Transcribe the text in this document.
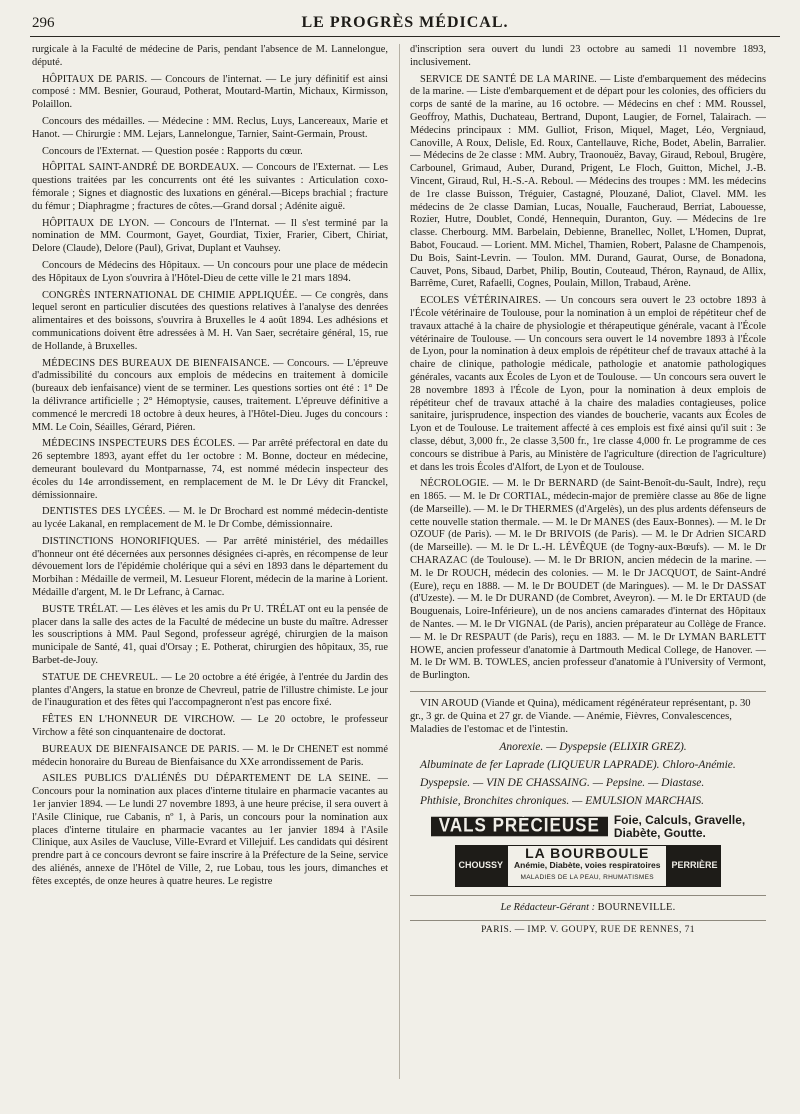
296	LE PROGRÈS MÉDICAL.

rurgicale à la Faculté de médecine de Paris, pendant l'absence de M. Lannelongue, député.

HÔPITAUX DE PARIS. — Concours de l'internat. — Le jury définitif est ainsi composé : MM. Besnier, Gouraud, Potherat, Moutard-Martin, Michaux, Kirmisson, Polaillon.

Concours des médailles. — Médecine : MM. Reclus, Luys, Lancereaux, Marie et Hanot. — Chirurgie : MM. Lejars, Lannelongue, Tarnier, Saint-Germain, Proust.

Concours de l'Externat. — Question posée : Rapports du cœur.

HÔPITAL SAINT-ANDRÉ DE BORDEAUX. — Concours de l'Externat. — Les questions traitées par les concurrents ont été les suivantes : Articulation coxo-fémorale ; Signes et diagnostic des luxations en général.—Biceps brachial ; fracture du fémur ; Diaphragme ; fractures de côtes.—Grand dorsal ; Adénite aiguë.

HÔPITAUX DE LYON. — Concours de l'Internat. — Il s'est terminé par la nomination de MM. Courmont, Gayet, Gourdiat, Tixier, Frarier, Cibert, Chiriat, Delore (Claude), Delore (Paul), Grivat, Duplant et Vauhsey.

Concours de Médecins des Hôpitaux. — Un concours pour une place de médecin des Hôpitaux de Lyon s'ouvrira à l'Hôtel-Dieu de cette ville le 21 mars 1894.

CONGRÈS INTERNATIONAL DE CHIMIE APPLIQUÉE. — Ce congrès, dans lequel seront en particulier discutées des questions relatives à l'analyse des denrées alimentaires et des boissons, s'ouvrira à Bruxelles le 4 août 1894. Les adhésions et communications doivent être adressées à M. H. Van Saer, secrétaire général, 15, rue de Hollande, à Bruxelles.

MÉDECINS DES BUREAUX DE BIENFAISANCE. — Concours. — L'épreuve d'admissibilité du concours aux emplois de médecins en traitement à domicile (bureaux deb ienfaisance) vient de se terminer. Les questions sorties ont été : 1° De la délivrance artificielle ; 2° Hémoptysie, causes, traitement. L'épreuve définitive a commencé le mercredi 18 octobre à deux heures, à l'Hôtel-Dieu. Juges du concours : MM. Le Coin, Séailles, Gérard, Piéren.

MÉDECINS INSPECTEURS DES ÉCOLES. — Par arrêté préfectoral en date du 26 septembre 1893, ayant effet du 1er octobre : M. Bonne, docteur en médecine, demeurant boulevard du Montparnasse, 74, est nommé médecin inspecteur des écoles du 14e arrondissement, en remplacement de M. le Dr Lévy dit Franckel, démissionnaire.

DENTISTES DES LYCÉES. — M. le Dr Brochard est nommé médecin-dentiste au lycée Lakanal, en remplacement de M. le Dr Combe, démissionnaire.

DISTINCTIONS HONORIFIQUES. — Par arrêté ministériel, des médailles d'honneur ont été décernées aux personnes désignées ci-après, en récompense de leur dévouement lors de l'épidémie cholérique qui a sévi en 1893 dans le département du Morbihan : Médaille de vermeil, M. Lesueur Florent, médecin de la marine à Lorient. Médaille d'argent, M. le Dr Lefranc, à Carnac.

BUSTE TRÉLAT. — Les élèves et les amis du Pr U. TRÉLAT ont eu la pensée de placer dans la salle des actes de la Faculté de médecine un buste du maître. Adresser les souscriptions à MM. Paul Segond, professeur agrégé, chirurgien de la maison municipale de Santé, 41, quai d'Orsay ; E. Potherat, chirurgien des hôpitaux, 35, rue Barbet-de-Jouy.

STATUE DE CHEVREUL. — Le 20 octobre a été érigée, à l'entrée du Jardin des plantes d'Angers, la statue en bronze de Chevreul, patrie de l'illustre chimiste. Le jour de l'inauguration et des fêtes qui l'accompagneront n'est pas encore fixé.

FÊTES EN L'HONNEUR DE VIRCHOW. — Le 20 octobre, le professeur Virchow a fêté son cinquantenaire de doctorat.

BUREAUX DE BIENFAISANCE DE PARIS. — M. le Dr CHENET est nommé médecin honoraire du Bureau de Bienfaisance du XXe arrondissement de Paris.

ASILES PUBLICS D'ALIÉNÉS DU DÉPARTEMENT DE LA SEINE. — Concours pour la nomination aux places d'interne titulaire en pharmacie vacantes au 1er janvier 1894. — Le lundi 27 novembre 1893, à une heure précise, il sera ouvert à l'Asile Clinique, rue Cabanis, nº 1, à Paris, un concours pour la nomination aux places d'interne titulaire en pharmacie vacantes au 1er janvier 1894 à l'Asile Clinique, aux Asiles de Vaucluse, Ville-Evrard et Villejuif. Les candidats qui désirent prendre part à ce concours devront se faire inscrire à la Préfecture de la Seine, service des aliénés, annexe de l'Hôtel de Ville, 2, rue Lobau, tous les jours, dimanches et fêtes exceptés, de onze heures à quatre heures. Le registre

d'inscription sera ouvert du lundi 23 octobre au samedi 11 novembre 1893, inclusivement.

SERVICE DE SANTÉ DE LA MARINE. — Liste d'embarquement des médecins de la marine. — Liste d'embarquement et de départ pour les colonies, des officiers du corps de santé de la marine, au 16 octobre. — Médecins en chef : MM. Roussel, Geoffroy, Mathis, Duchateau, Bertrand, Dupont, Laugier, de Fornel, Talairach. — Médecins principaux : MM. Gulliot, Frison, Miquel, Maget, Léo, Vergniaud, Canoville, A Roux, Delisle, Ed. Roux, Cantellauve, Riche, Bodet, Abelin, Barralier. — Médecins de 2e classe : MM. Aubry, Traonouëz, Bavay, Giraud, Reboul, Brugère, Carbounel, Grimaud, Auber, Durand, Prigent, Le Floch, Guitton, Michel, J.-B. Vincent, Giraud, Rul, H.-S.-A. Reboul. — Médecins des troupes : MM. les médecins de 1re classe Buisson, Tréguier, Castagné, Plouzané, Daliot, Clavel. MM. les médecins de 2e classe Damian, Lucas, Noualle, Faucheraud, Berriat, Labouesse, Rozier, Hutre, Doublet, Condé, Hennequin, Duranton, Guy. — Médecins de 1re classe. Cherbourg. MM. Barbelain, Debienne, Branellec, Nollet, L'Homen, Duprat, Babot, Foucaud. — Lorient. MM. Michel, Thamien, Robert, Palasne de Champenois, Du Bois, Saint-Levrin. — Toulon. MM. Durand, Gaurat, Ourse, de Bonadona, Cauvet, Pons, Sibaud, Darbet, Philip, Boutin, Couteaud, Théron, Raynaud, de Allix, Barrême, Curet, Rafaelli, Cognes, Poulain, Millon, Trabaud, Arène.

ECOLES VÉTÉRINAIRES. — Un concours sera ouvert le 23 octobre 1893 à l'École vétérinaire de Toulouse, pour la nomination à un emploi de répétiteur chef de travaux attaché à la chaire de physiologie et thérapeutique générale, vacant à l'École vétérinaire de Toulouse. — Un concours sera ouvert le 14 novembre 1893 à l'École de Lyon, pour la nomination à deux emplois de répétiteur chef de travaux attaché à la chaire de clinique, pathologie médicale, pathologie et anatomie pathologiques générales, vacants aux Écoles de Lyon et de Toulouse. — Un concours sera ouvert le 28 novembre 1893 à l'École de Lyon, pour la nomination à deux emplois de répétiteur chef de travaux attaché à la chaire des maladies contagieuses, police sanitaire, jurisprudence, inspection des viandes de boucherie, vacants aux Écoles de Lyon et de Toulouse. Le traitement affecté à ces emplois est fixé ainsi qu'il suit : 3e classe, début, 3,000 fr., 2e classe 3,500 fr., 1re classe 4,000 fr. Le programme de ces concours se distribue à Paris, au Ministère de l'agriculture (direction de l'agriculture) et dans les trois Écoles d'Alfort, de Lyon et de Toulouse.

NÉCROLOGIE. — M. le Dr BERNARD (de Saint-Benoît-du-Sault, Indre), reçu en 1865. — M. le Dr CORTIAL, médecin-major de première classe au 86e de ligne (de Marseille). — M. le Dr THERMES (d'Argelès), un des plus ardents défenseurs de cette nouvelle station thermale. — M. le Dr MANES (des Eaux-Bonnes). — M. le Dr OZOUF (de Paris). — M. le Dr BRIVOIS (de Paris). — M. le Dr Adrien SICARD (de Marseille). — M. le Dr L.-H. LÉVÊQUE (de Togny-aux-Bœufs). — M. le Dr CHARAZAC (de Toulouse). — M. le Dr BRION, ancien médecin de la marine. — M. le Dr ROUCH, médecin des colonies. — M. le Dr JACQUOT, de Saint-André (Eure), reçu en 1888. — M. le Dr BOUDET (de Maringues). — M. le Dr DASSAT (d'Uzeste). — M. le Dr DURAND (de Combret, Aveyron). — M. le Dr ERTAUD (de Bouguenais, Loire-Inférieure), un de nos anciens camarades d'internat des Hôpitaux de Nantes. — M. le Dr VIGNAL (de Paris), ancien préparateur au Collège de France. — M. le Dr RESPAUT (de Paris), reçu en 1883. — M. le Dr LYMAN BARLETT HOWE, ancien professeur d'anatomie à Dartmouth Medical College, de Hanover. — M. le Dr WM. B. TOWLES, ancien professeur d'anatomie à l'University of Vermont, de Burlington.

VIN AROUD (Viande et Quina), médicament régénérateur représentant, p. 30 gr., 3 gr. de Quina et 27 gr. de Viande. — Anémie, Fièvres, Convalescences, Maladies de l'estomac et de l'intestin.

Anorexie. — Dyspepsie (ELIXIR GREZ).

Albuminate de fer Laprade (LIQUEUR LAPRADE). Chloro-Anémie.

Dyspepsie. — VIN DE CHASSAING. — Pepsine. — Diastase.

Phthisie, Bronchites chroniques. — EMULSION MARCHAIS.

VALS PRÉCIEUSE	Foie, Calculs, Gravelle,
Diabète, Goutte.
CHOUSSY
LA BOURBOULE
Anémie, Diabète, voies respiratoires
MALADIES DE LA PEAU, RHUMATISMES
PERRIÈRE
Le Rédacteur-Gérant : BOURNEVILLE.
PARIS. — IMP. V. GOUPY, RUE DE RENNES, 71
